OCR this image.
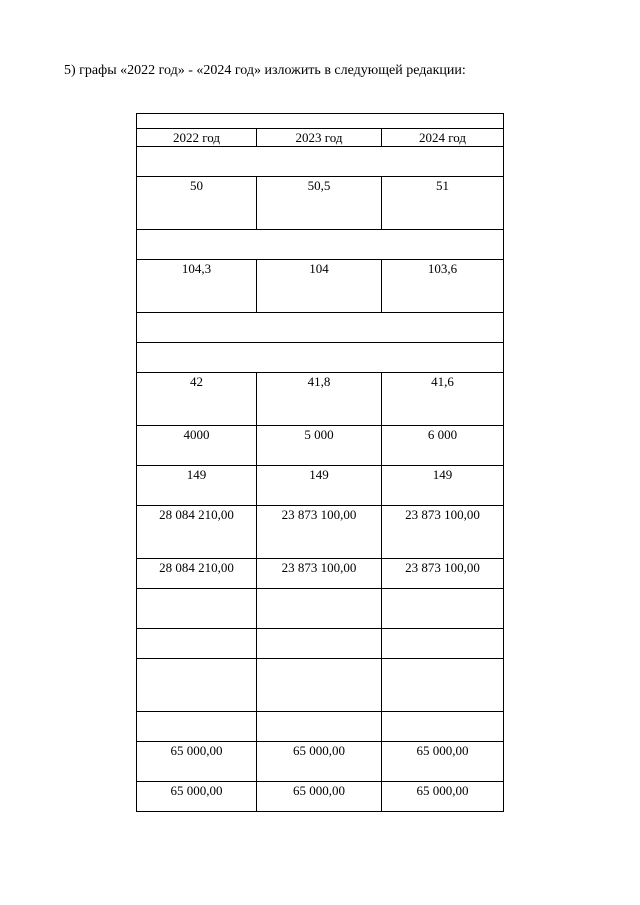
5) графы «2022 год» - «2024 год» изложить в следующей редакции:

2022 год	2023 год	2024 год

50	50,5	51

104,3	104	103,6

42	41,8	41,6
4000	5 000	6 000
149	149	149
28 084 210,00	23 873 100,00	23 873 100,00
28 084 210,00	23 873 100,00	23 873 100,00

65 000,00	65 000,00	65 000,00
65 000,00	65 000,00	65 000,00
